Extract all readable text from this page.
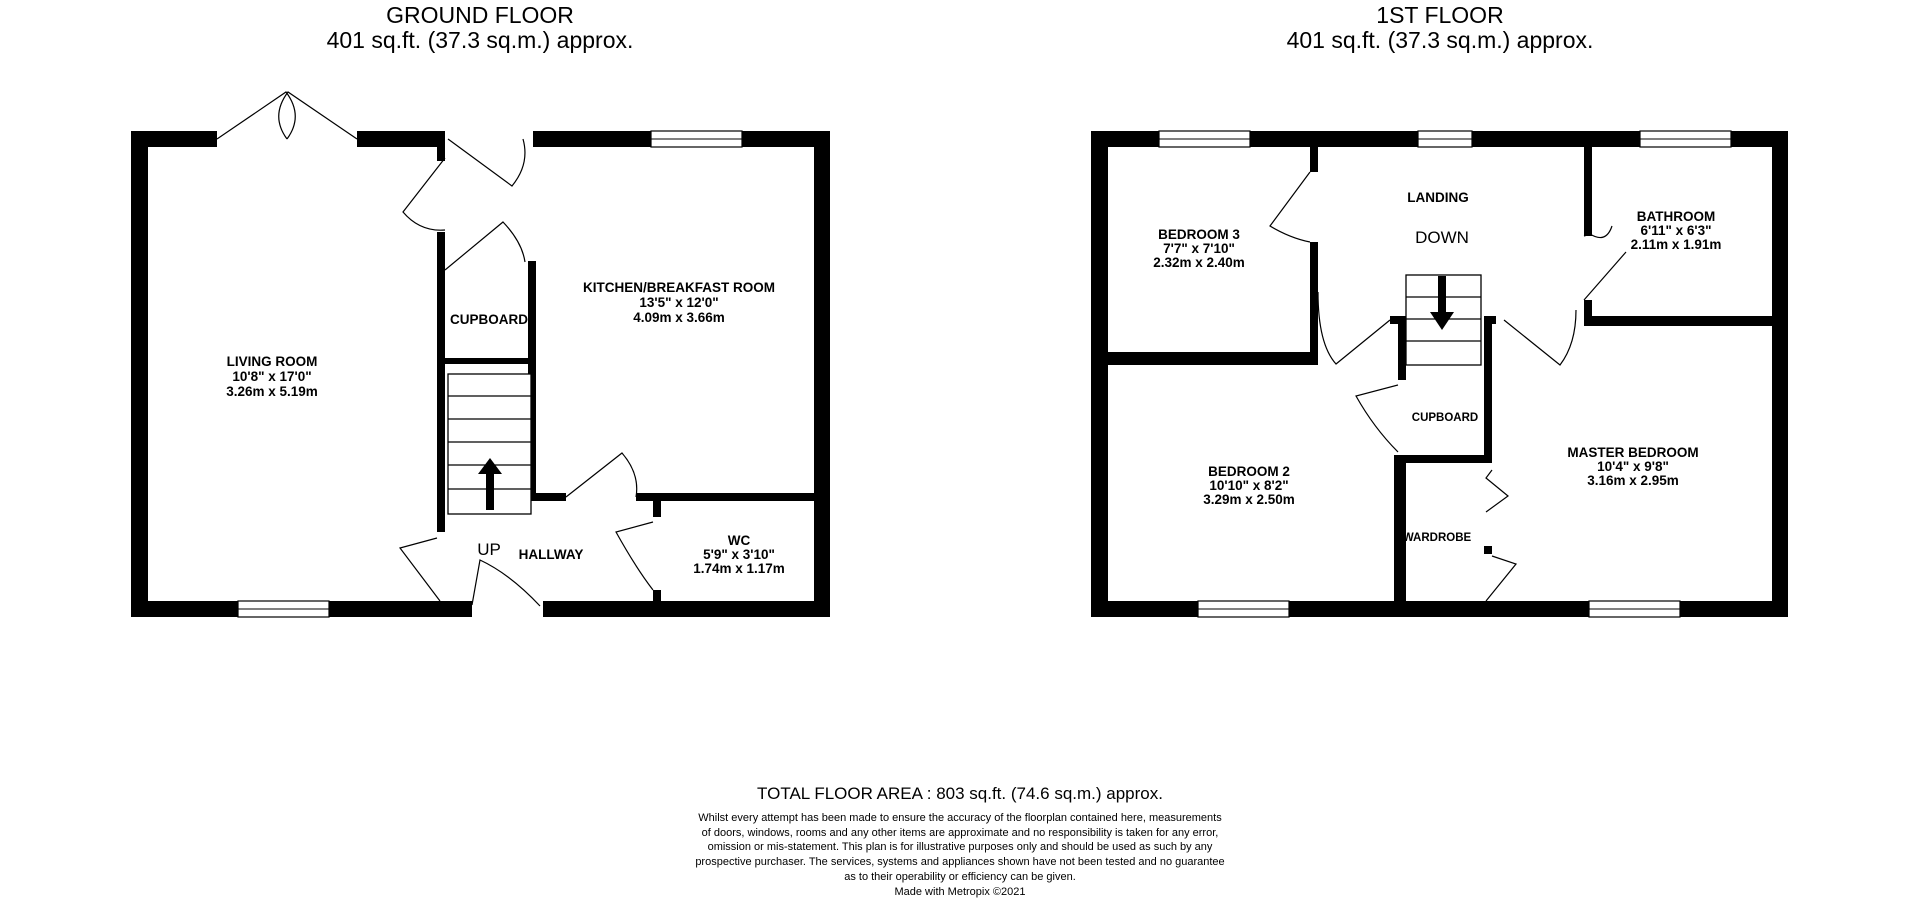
GROUND FLOOR
401 sq.ft. (37.3 sq.m.) approx.
1ST FLOOR
401 sq.ft. (37.3 sq.m.) approx.
LIVING ROOM
10'8" x 17'0"
3.26m x 5.19m
KITCHEN/BREAKFAST ROOM
13'5" x 12'0"
4.09m x 3.66m
CUPBOARD
UP HALLWAY
WC
5'9" x 3'10"
1.74m x 1.17m
BEDROOM 3
7'7" x 7'10"
2.32m x 2.40m
LANDING
DOWN
BATHROOM
6'11" x 6'3"
2.11m x 1.91m
CUPBOARD
BEDROOM 2
10'10" x 8'2"
3.29m x 2.50m
MASTER BEDROOM
10'4" x 9'8"
3.16m x 2.95m
WARDROBE
TOTAL FLOOR AREA : 803 sq.ft. (74.6 sq.m.) approx.
Whilst every attempt has been made to ensure the accuracy of the floorplan contained here, measurements
of doors, windows, rooms and any other items are approximate and no responsibility is taken for any error,
omission or mis-statement. This plan is for illustrative purposes only and should be used as such by any
prospective purchaser. The services, systems and appliances shown have not been tested and no guarantee
as to their operability or efficiency can be given.
Made with Metropix ©2021
